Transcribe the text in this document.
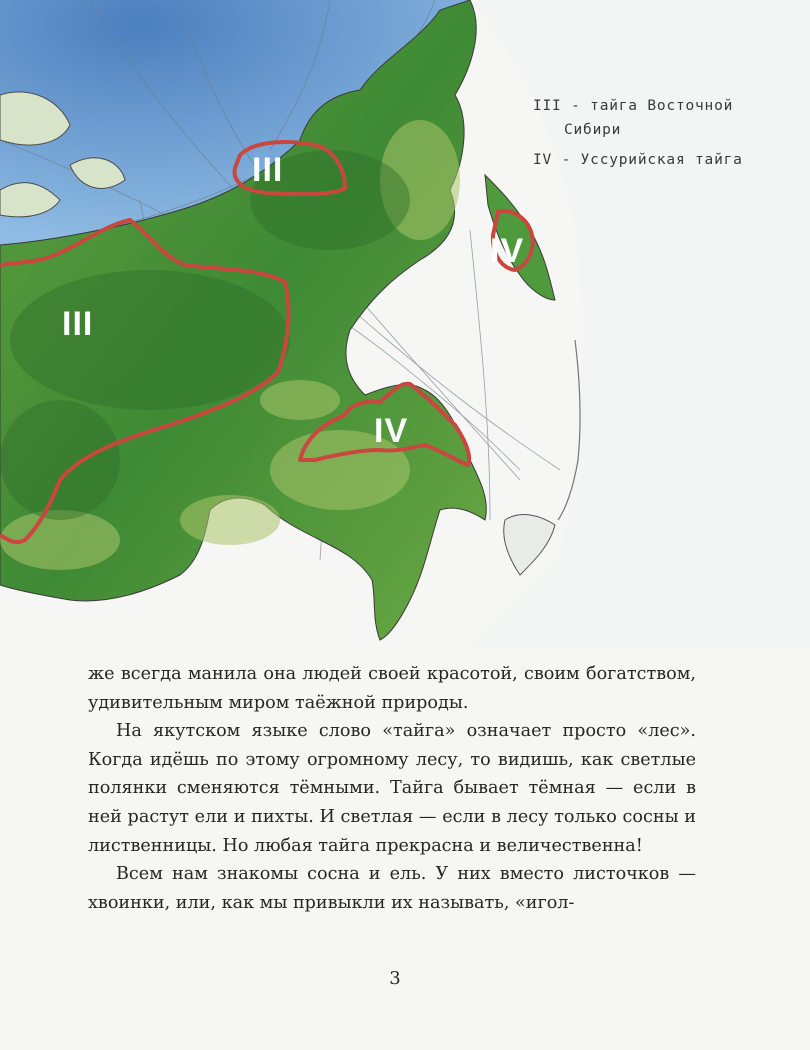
III
III
IV
IV
III - тайга Восточной
Сибири
IV - Уссурийская тайга

же всегда манила она людей своей красотой, своим богатством, удивительным миром таёжной природы.

На якутском языке слово «тайга» означает просто «лес». Когда идёшь по этому огромному лесу, то видишь, как светлые полянки сменяются тёмными. Тайга бывает тёмная — если в ней растут ели и пихты. И светлая — если в лесу только сосны и лиственницы. Но любая тайга прекрасна и величественна!

Всем нам знакомы сосна и ель. У них вместо листочков — хвоинки, или, как мы привыкли их называть, «игол-

3
